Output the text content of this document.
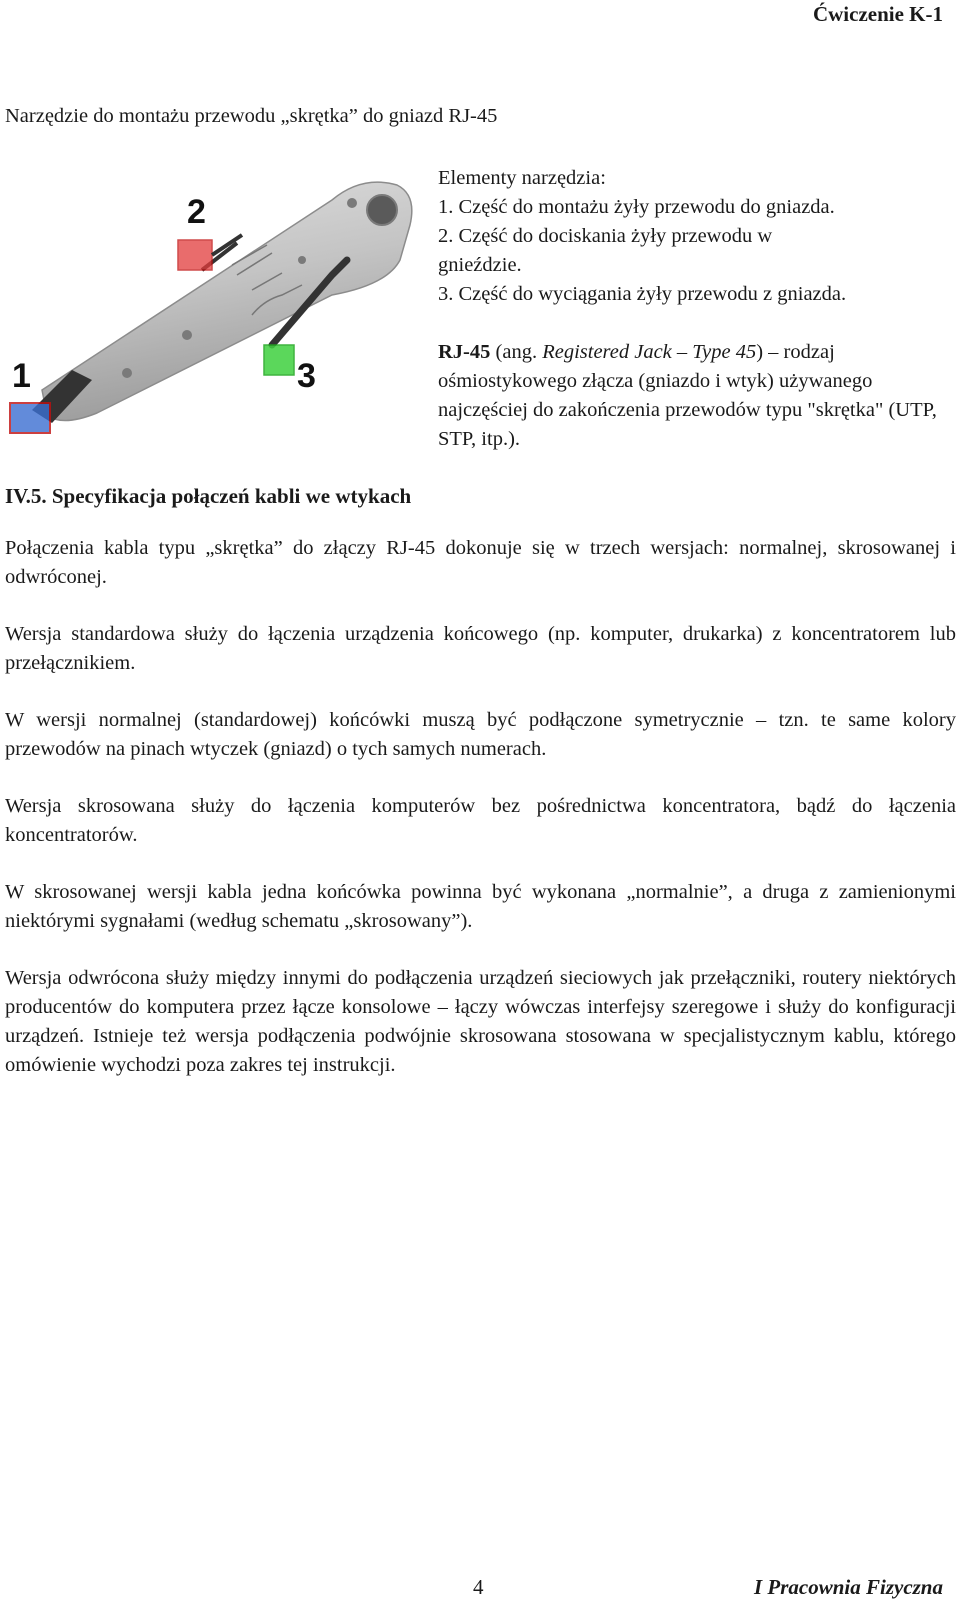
Ćwiczenie K-1
Narzędzie do montażu przewodu „skrętka” do gniazd RJ-45
2
3
1
Elementy narzędzia:
1. Część do montażu żyły przewodu do gniazda.
2. Część do dociskania żyły przewodu w
gnieździe.
3. Część do wyciągania żyły przewodu z gniazda.
RJ-45 (ang. Registered Jack – Type 45) – rodzaj ośmiostykowego złącza (gniazdo i wtyk) używanego najczęściej do zakończenia przewodów typu "skrętka" (UTP, STP, itp.).
IV.5. Specyfikacja połączeń kabli we wtykach
Połączenia kabla typu „skrętka” do złączy RJ-45 dokonuje się w trzech wersjach: normalnej, skrosowanej i odwróconej.
Wersja standardowa służy do łączenia urządzenia końcowego (np. komputer, drukarka) z koncentratorem lub przełącznikiem.
W wersji normalnej (standardowej) końcówki muszą być podłączone symetrycznie – tzn. te same kolory przewodów na pinach wtyczek (gniazd) o tych samych numerach.
Wersja skrosowana służy do łączenia komputerów bez pośrednictwa koncentratora, bądź do łączenia koncentratorów.
W skrosowanej wersji kabla jedna końcówka powinna być wykonana „normalnie”, a druga z zamienionymi niektórymi sygnałami (według schematu „skrosowany”).
Wersja odwrócona służy między innymi do podłączenia urządzeń sieciowych jak przełączniki, routery niektórych producentów do komputera przez łącze konsolowe – łączy wówczas interfejsy szeregowe i służy do konfiguracji urządzeń. Istnieje też wersja podłączenia podwójnie skrosowana stosowana w specjalistycznym kablu, którego omówienie wychodzi poza zakres tej instrukcji.
4	I Pracownia Fizyczna
